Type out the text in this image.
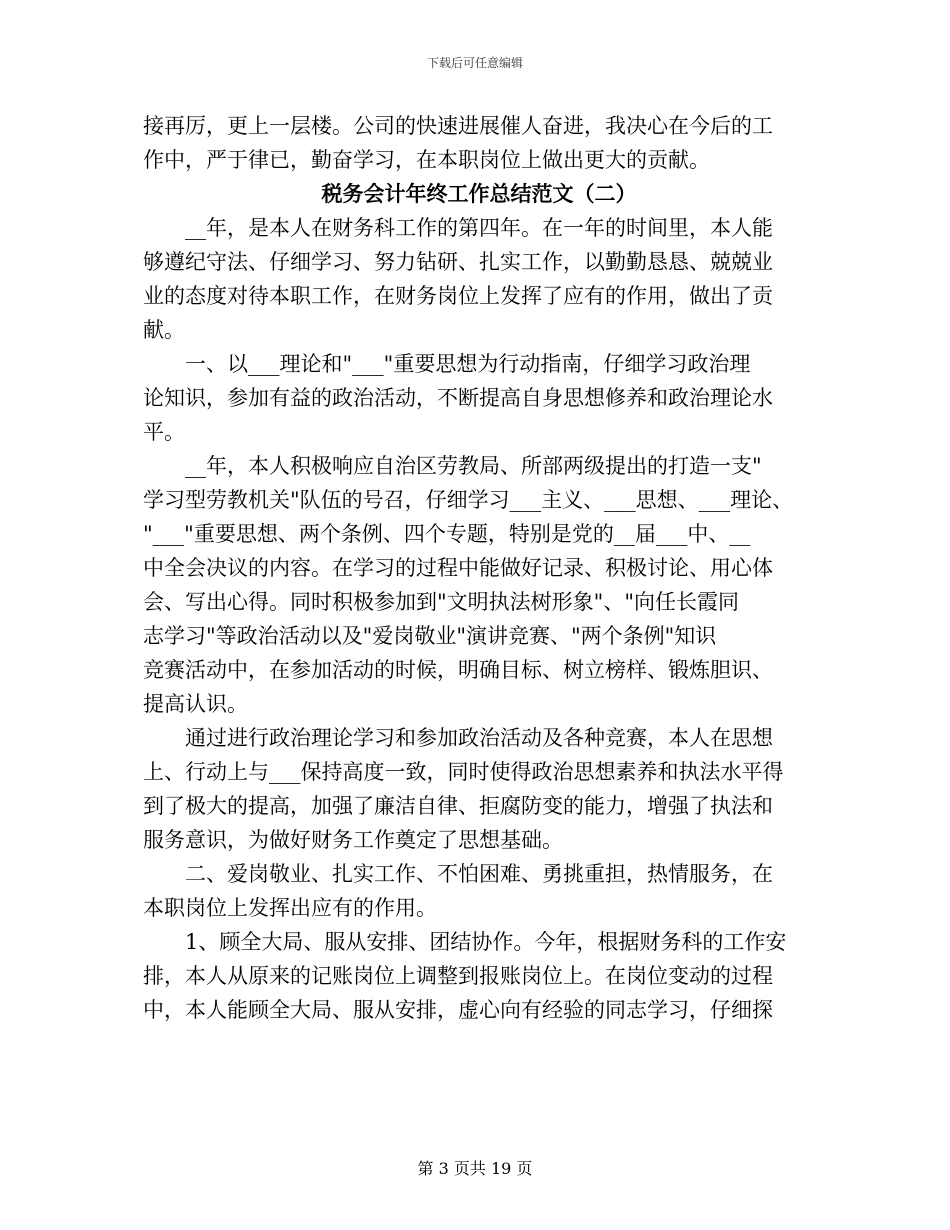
下载后可任意编辑
接再厉，更上一层楼。公司的快速进展催人奋进，我决心在今后的工
作中，严于律已，勤奋学习，在本职岗位上做出更大的贡献。
税务会计年终工作总结范文（二）
__年，是本人在财务科工作的第四年。在一年的时间里，本人能
够遵纪守法、仔细学习、努力钻研、扎实工作，以勤勤恳恳、兢兢业
业的态度对待本职工作，在财务岗位上发挥了应有的作用，做出了贡
献。
一、以___理论和"___"重要思想为行动指南，仔细学习政治理
论知识，参加有益的政治活动，不断提高自身思想修养和政治理论水
平。
__年，本人积极响应自治区劳教局、所部两级提出的打造一支"
学习型劳教机关"队伍的号召，仔细学习___主义、___思想、___理论、
"___"重要思想、两个条例、四个专题，特别是党的__届___中、__
中全会决议的内容。在学习的过程中能做好记录、积极讨论、用心体
会、写出心得。同时积极参加到"文明执法树形象"、"向任长霞同
志学习"等政治活动以及"爱岗敬业"演讲竞赛、"两个条例"知识
竞赛活动中，在参加活动的时候，明确目标、树立榜样、锻炼胆识、
提高认识。
通过进行政治理论学习和参加政治活动及各种竞赛，本人在思想
上、行动上与___保持高度一致，同时使得政治思想素养和执法水平得
到了极大的提高，加强了廉洁自律、拒腐防变的能力，增强了执法和
服务意识，为做好财务工作奠定了思想基础。
二、爱岗敬业、扎实工作、不怕困难、勇挑重担，热情服务，在
本职岗位上发挥出应有的作用。
1、顾全大局、服从安排、团结协作。今年，根据财务科的工作安
排，本人从原来的记账岗位上调整到报账岗位上。在岗位变动的过程
中，本人能顾全大局、服从安排，虚心向有经验的同志学习，仔细探
第 3 页共 19 页
